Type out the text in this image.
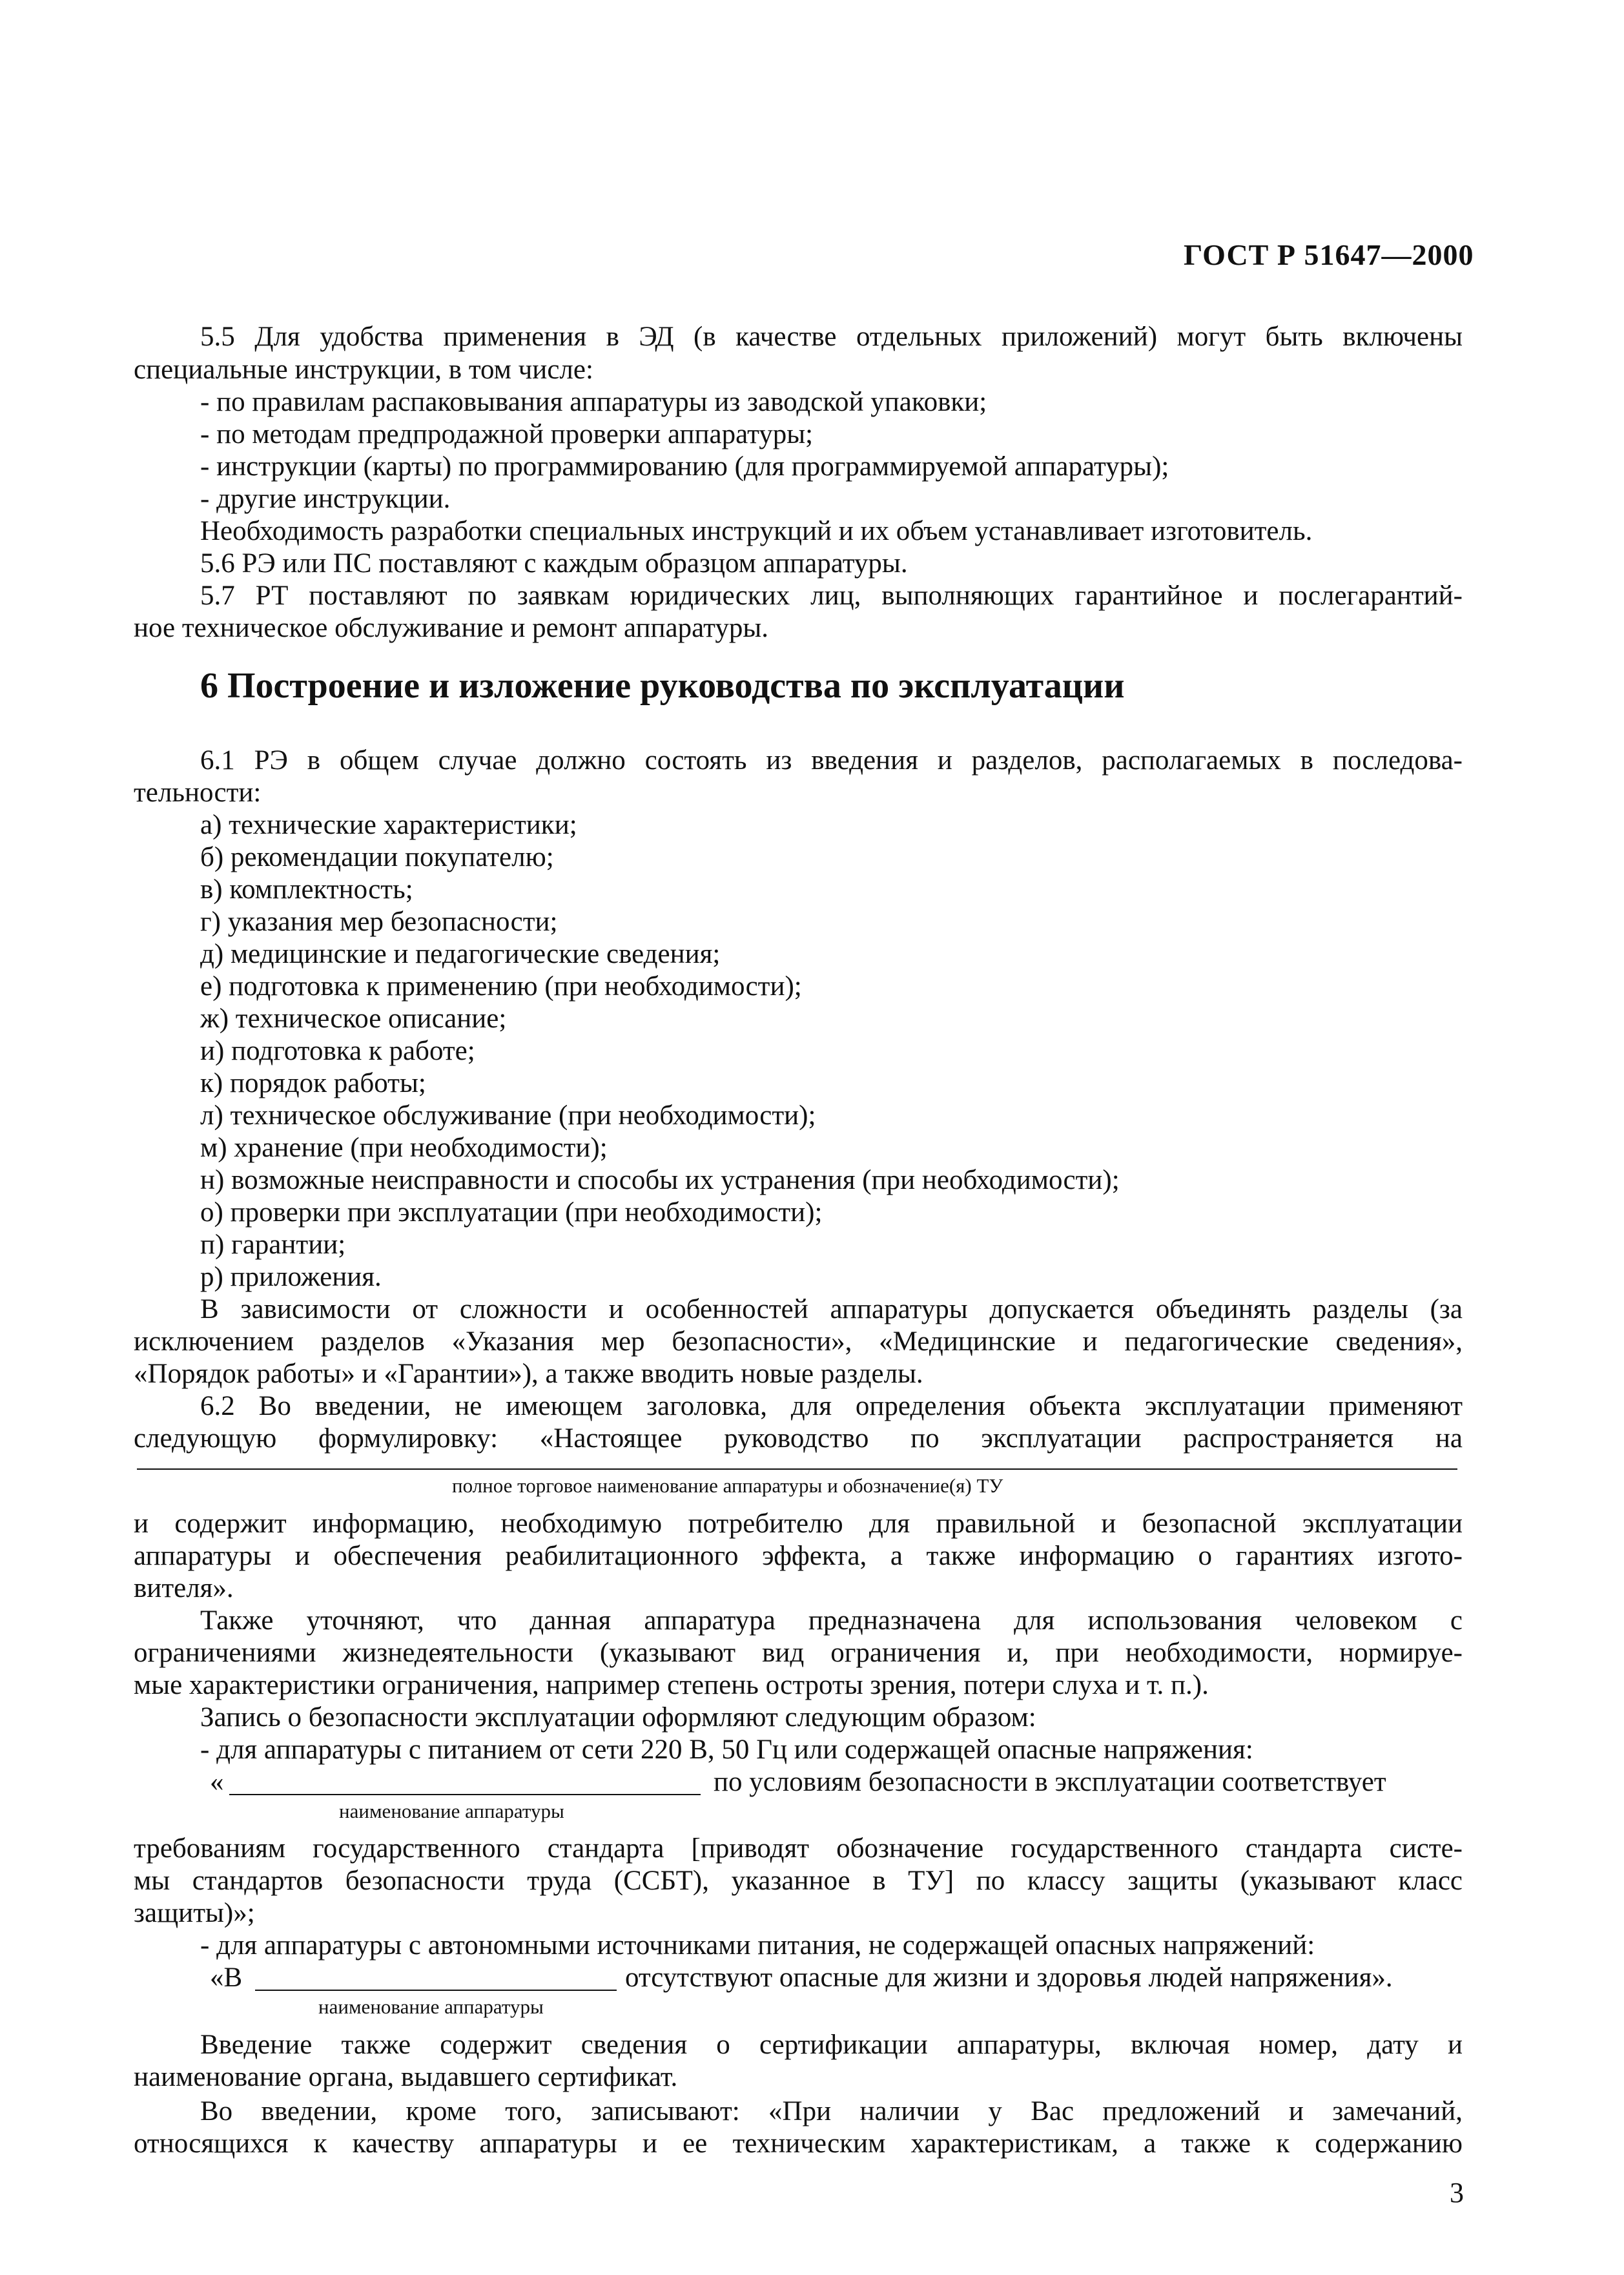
ГОСТ Р 51647—2000
5.5 Для удобства применения в ЭД (в качестве отдельных приложений) могут быть включены
специальные инструкции, в том числе:
- по правилам распаковывания аппаратуры из заводской упаковки;
- по методам предпродажной проверки аппаратуры;
- инструкции (карты) по программированию (для программируемой аппаратуры);
- другие инструкции.
Необходимость разработки специальных инструкций и их объем устанавливает изготовитель.
5.6 РЭ или ПС поставляют с каждым образцом аппаратуры.
5.7 РТ поставляют по заявкам юридических лиц, выполняющих гарантийное и послегарантий-
ное техническое обслуживание и ремонт аппаратуры.
6 Построение и изложение руководства по эксплуатации
6.1 РЭ в общем случае должно состоять из введения и разделов, располагаемых в последова-
тельности:
а) технические характеристики;
б) рекомендации покупателю;
в) комплектность;
г) указания мер безопасности;
д) медицинские и педагогические сведения;
е) подготовка к применению (при необходимости);
ж) техническое описание;
и) подготовка к работе;
к) порядок работы;
л) техническое обслуживание (при необходимости);
м) хранение (при необходимости);
н) возможные неисправности и способы их устранения (при необходимости);
о) проверки при эксплуатации (при необходимости);
п) гарантии;
р) приложения.
В зависимости от сложности и особенностей аппаратуры допускается объединять разделы (за
исключением разделов «Указания мер безопасности», «Медицинские и педагогические сведения»,
«Порядок работы» и «Гарантии»), а также вводить новые разделы.
6.2 Во введении, не имеющем заголовка, для определения объекта эксплуатации применяют
следующую формулировку: «Настоящее руководство по эксплуатации распространяется на
полное торговое наименование аппаратуры и обозначение(я) ТУ
и содержит информацию, необходимую потребителю для правильной и безопасной эксплуатации
аппаратуры и обеспечения реабилитационного эффекта, а также информацию о гарантиях изгото-
вителя».
Также уточняют, что данная аппаратура предназначена для использования человеком с
ограничениями жизнедеятельности (указывают вид ограничения и, при необходимости, нормируе-
мые характеристики ограничения, например степень остроты зрения, потери слуха и т. п.).
Запись о безопасности эксплуатации оформляют следующим образом:
- для аппаратуры с питанием от сети 220 В, 50 Гц или содержащей опасные напряжения:
«	по условиям безопасности в эксплуатации соответствует
наименование аппаратуры
требованиям государственного стандарта [приводят обозначение государственного стандарта систе-
мы стандартов безопасности труда (ССБТ), указанное в ТУ] по классу защиты (указывают класс
защиты)»;
- для аппаратуры с автономными источниками питания, не содержащей опасных напряжений:
«В	отсутствуют опасные для жизни и здоровья людей напряжения».
наименование аппаратуры
Введение также содержит сведения о сертификации аппаратуры, включая номер, дату и
наименование органа, выдавшего сертификат.
Во введении, кроме того, записывают: «При наличии у Вас предложений и замечаний,
относящихся к качеству аппаратуры и ее техническим характеристикам, а также к содержанию
3
